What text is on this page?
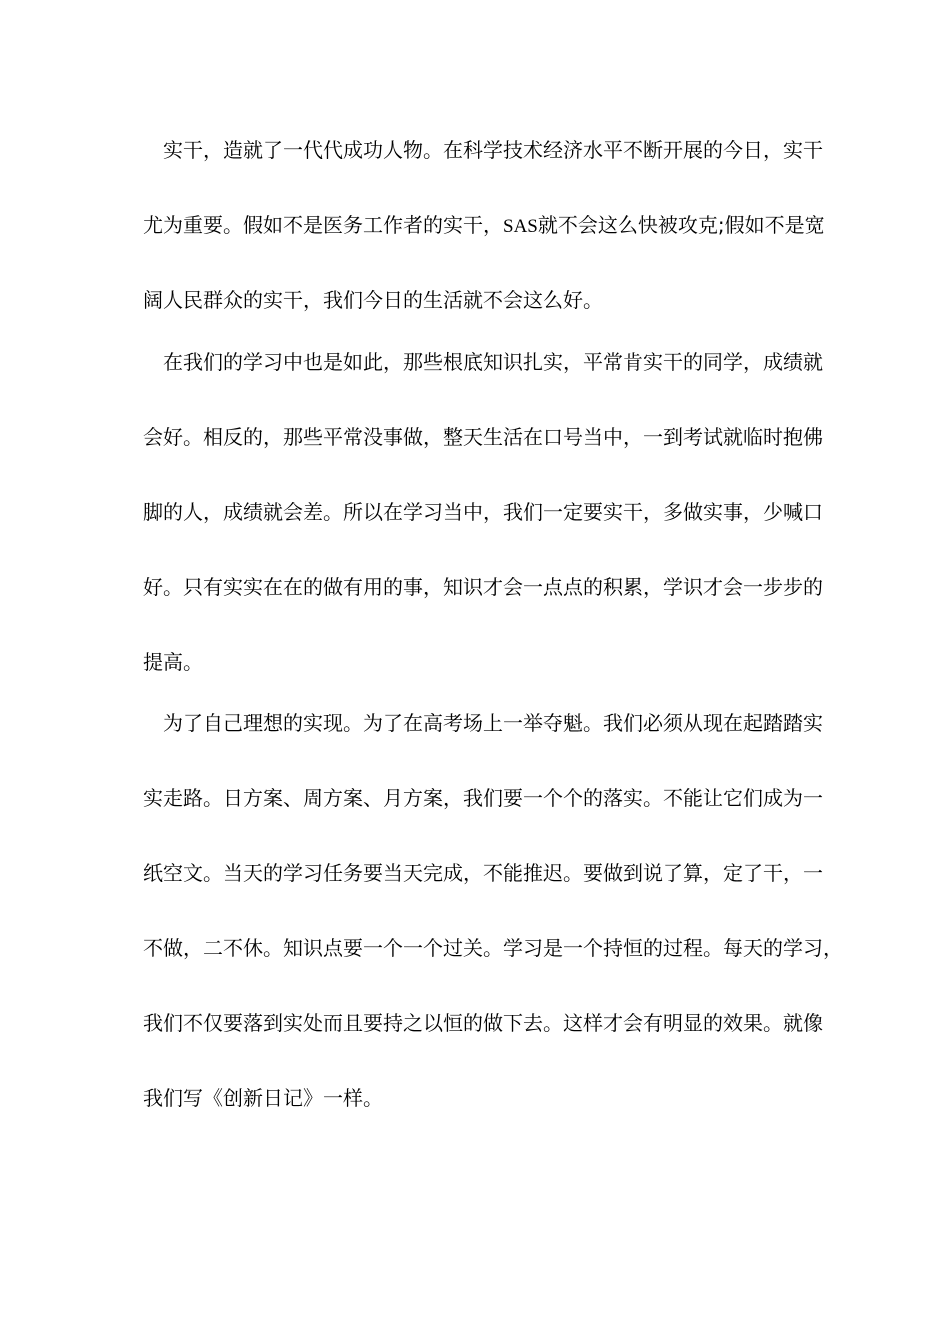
实干，造就了一代代成功人物。在科学技术经济水平不断开展的今日，实干
尤为重要。假如不是医务工作者的实干，SAS就不会这么快被攻克;假如不是宽
阔人民群众的实干，我们今日的生活就不会这么好。
在我们的学习中也是如此，那些根底知识扎实，平常肯实干的同学，成绩就
会好。相反的，那些平常没事做，整天生活在口号当中，一到考试就临时抱佛
脚的人，成绩就会差。所以在学习当中，我们一定要实干，多做实事，少喊口
好。只有实实在在的做有用的事，知识才会一点点的积累，学识才会一步步的
提高。
为了自己理想的实现。为了在高考场上一举夺魁。我们必须从现在起踏踏实
实走路。日方案、周方案、月方案，我们要一个个的落实。不能让它们成为一
纸空文。当天的学习任务要当天完成，不能推迟。要做到说了算，定了干，一
不做，二不休。知识点要一个一个过关。学习是一个持恒的过程。每天的学习，
我们不仅要落到实处而且要持之以恒的做下去。这样才会有明显的效果。就像
我们写《创新日记》一样。
